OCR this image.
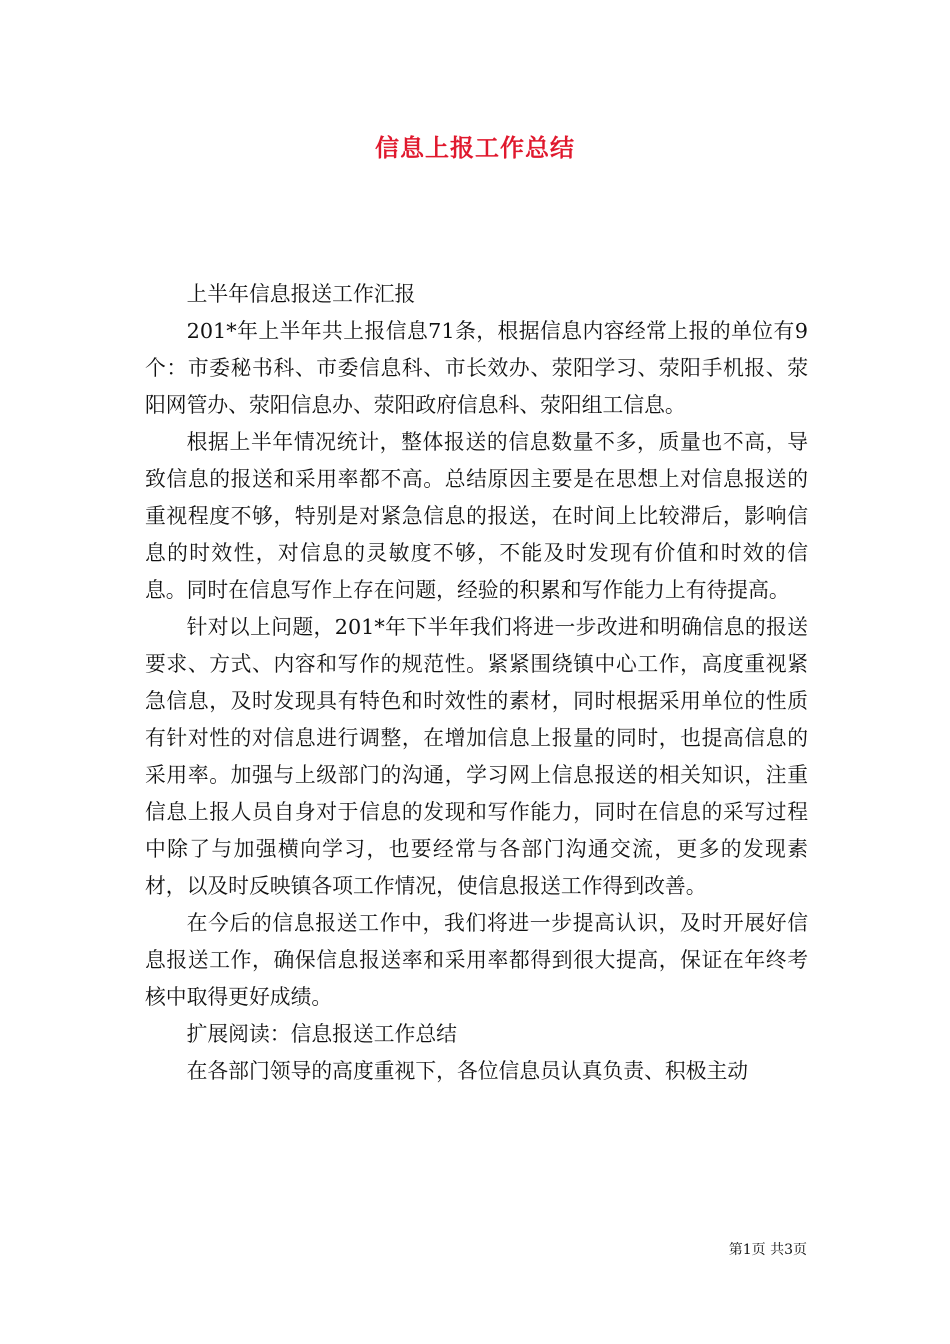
信息上报工作总结

上半年信息报送工作汇报

201*年上半年共上报信息71条，根据信息内容经常上报的单位有9个：市委秘书科、市委信息科、市长效办、荥阳学习、荥阳手机报、荥阳网管办、荥阳信息办、荥阳政府信息科、荥阳组工信息。

根据上半年情况统计，整体报送的信息数量不多，质量也不高，导致信息的报送和采用率都不高。总结原因主要是在思想上对信息报送的重视程度不够，特别是对紧急信息的报送，在时间上比较滞后，影响信息的时效性，对信息的灵敏度不够，不能及时发现有价值和时效的信息。同时在信息写作上存在问题，经验的积累和写作能力上有待提高。

针对以上问题，201*年下半年我们将进一步改进和明确信息的报送要求、方式、内容和写作的规范性。紧紧围绕镇中心工作，高度重视紧急信息，及时发现具有特色和时效性的素材，同时根据采用单位的性质有针对性的对信息进行调整，在增加信息上报量的同时，也提高信息的采用率。加强与上级部门的沟通，学习网上信息报送的相关知识，注重信息上报人员自身对于信息的发现和写作能力，同时在信息的采写过程中除了与加强横向学习，也要经常与各部门沟通交流，更多的发现素材，以及时反映镇各项工作情况，使信息报送工作得到改善。

在今后的信息报送工作中，我们将进一步提高认识，及时开展好信息报送工作，确保信息报送率和采用率都得到很大提高，保证在年终考核中取得更好成绩。

扩展阅读：信息报送工作总结

在各部门领导的高度重视下，各位信息员认真负责、积极主动

第1页 共3页
